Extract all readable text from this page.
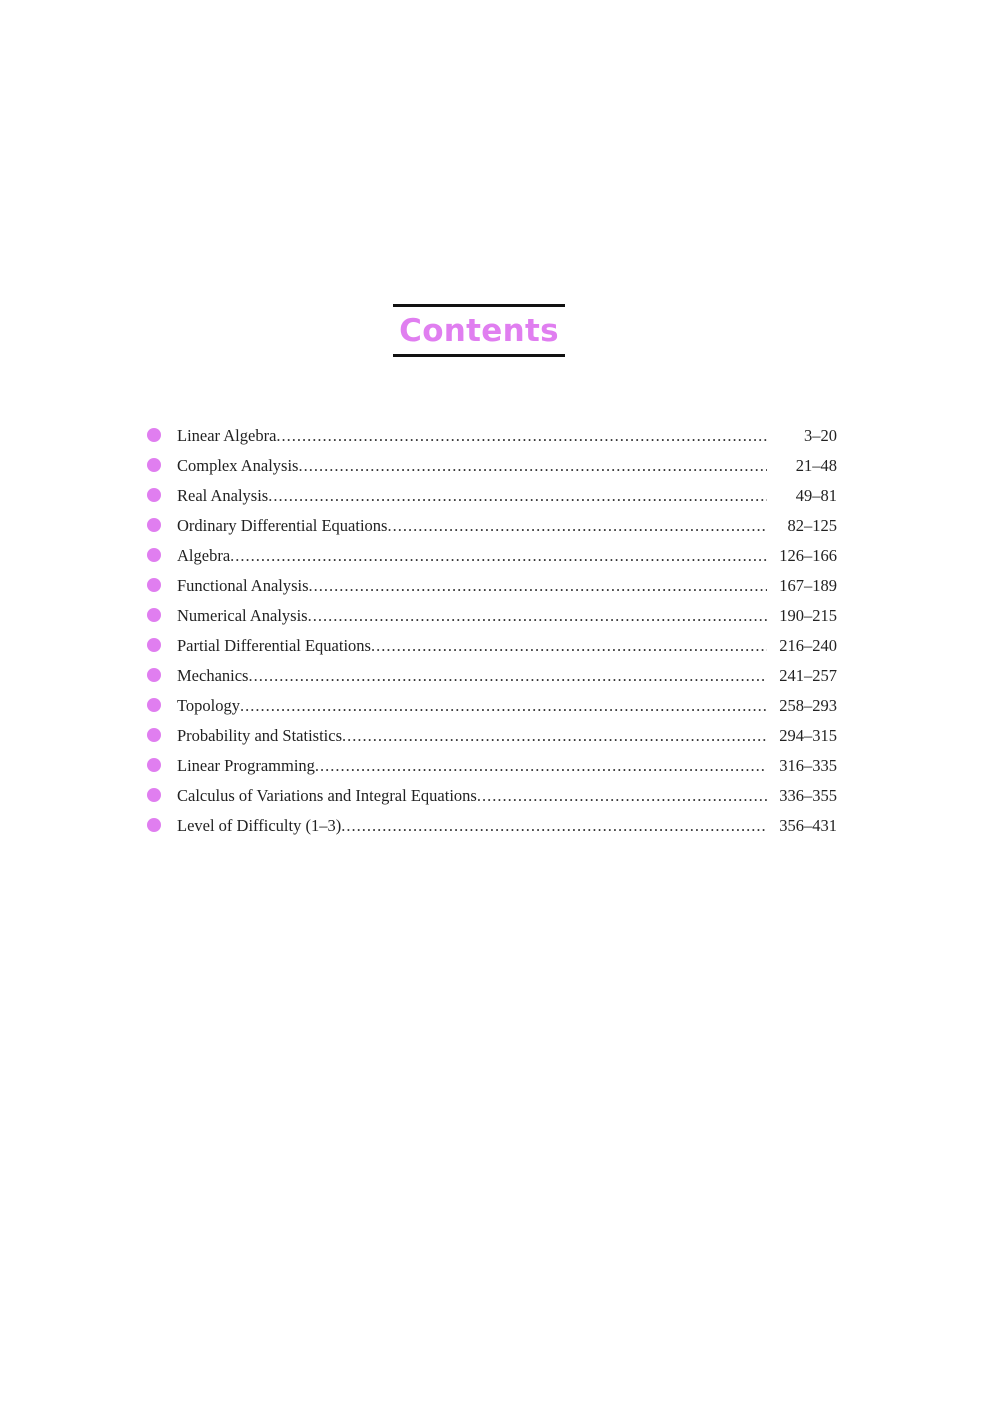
Contents
Linear Algebra .....	3–20
Complex Analysis .....	21–48
Real Analysis .....	49–81
Ordinary Differential Equations .....	82–125
Algebra .....	126–166
Functional Analysis .....	167–189
Numerical Analysis .....	190–215
Partial Differential Equations .....	216–240
Mechanics .....	241–257
Topology .....	258–293
Probability and Statistics .....	294–315
Linear Programming .....	316–335
Calculus of Variations and Integral Equations .....	336–355
Level of Difficulty (1–3) .....	356–431
